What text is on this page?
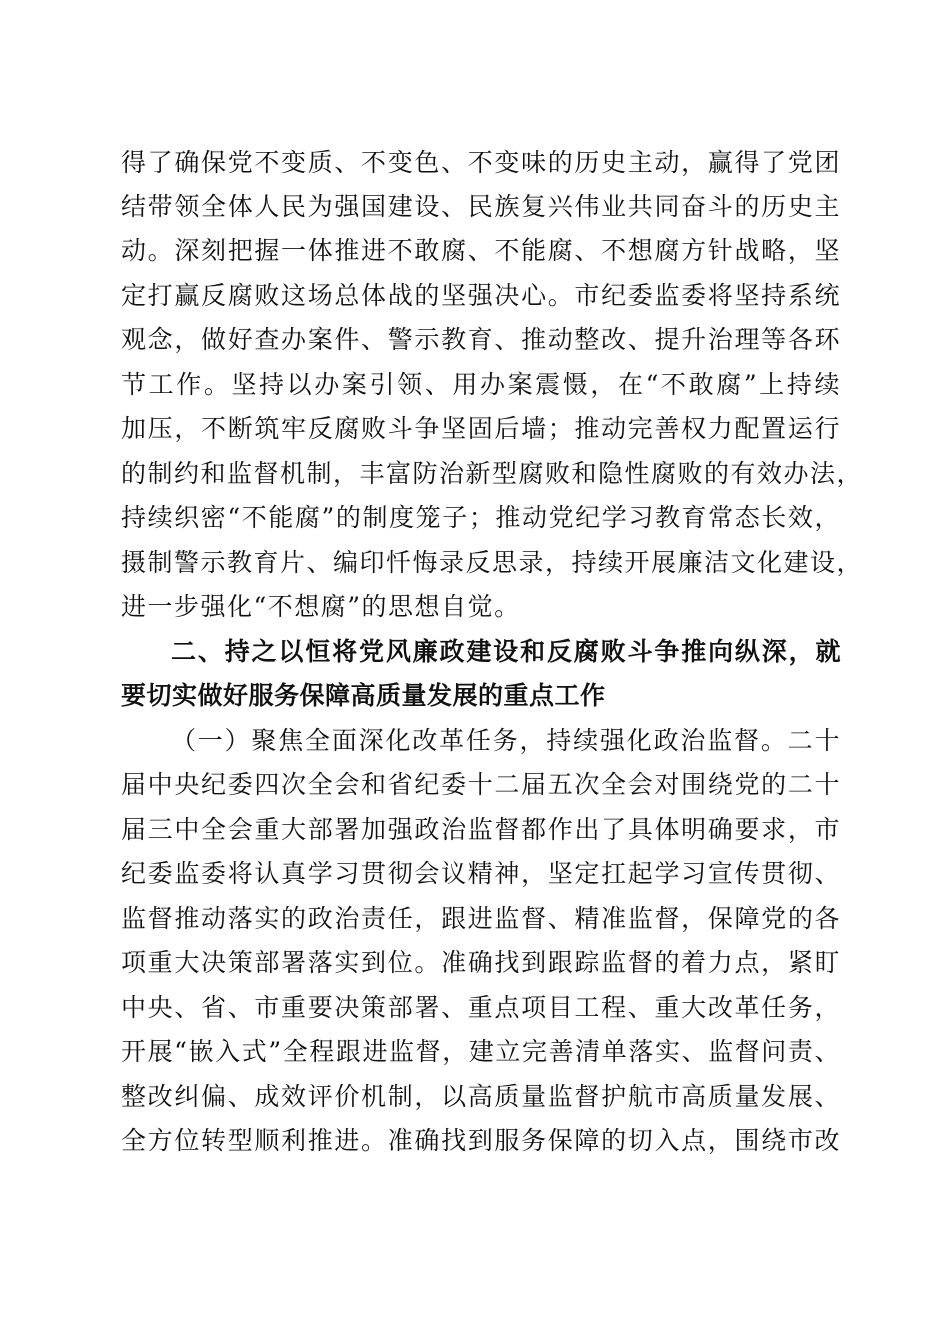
得了确保党不变质、不变色、不变味的历史主动，赢得了党团
结带领全体人民为强国建设、民族复兴伟业共同奋斗的历史主
动。深刻把握一体推进不敢腐、不能腐、不想腐方针战略，坚
定打赢反腐败这场总体战的坚强决心。市纪委监委将坚持系统
观念，做好查办案件、警示教育、推动整改、提升治理等各环
节工作。坚持以办案引领、用办案震慑，在“不敢腐”上持续
加压，不断筑牢反腐败斗争坚固后墙；推动完善权力配置运行
的制约和监督机制，丰富防治新型腐败和隐性腐败的有效办法，
持续织密“不能腐”的制度笼子；推动党纪学习教育常态长效，
摄制警示教育片、编印忏悔录反思录，持续开展廉洁文化建设，
进一步强化“不想腐”的思想自觉。
二、持之以恒将党风廉政建设和反腐败斗争推向纵深，就
要切实做好服务保障高质量发展的重点工作
（一）聚焦全面深化改革任务，持续强化政治监督。二十
届中央纪委四次全会和省纪委十二届五次全会对围绕党的二十
届三中全会重大部署加强政治监督都作出了具体明确要求，市
纪委监委将认真学习贯彻会议精神，坚定扛起学习宣传贯彻、
监督推动落实的政治责任，跟进监督、精准监督，保障党的各
项重大决策部署落实到位。准确找到跟踪监督的着力点，紧盯
中央、省、市重要决策部署、重点项目工程、重大改革任务，
开展“嵌入式”全程跟进监督，建立完善清单落实、监督问责、
整改纠偏、成效评价机制，以高质量监督护航市高质量发展、
全方位转型顺利推进。准确找到服务保障的切入点，围绕市改
